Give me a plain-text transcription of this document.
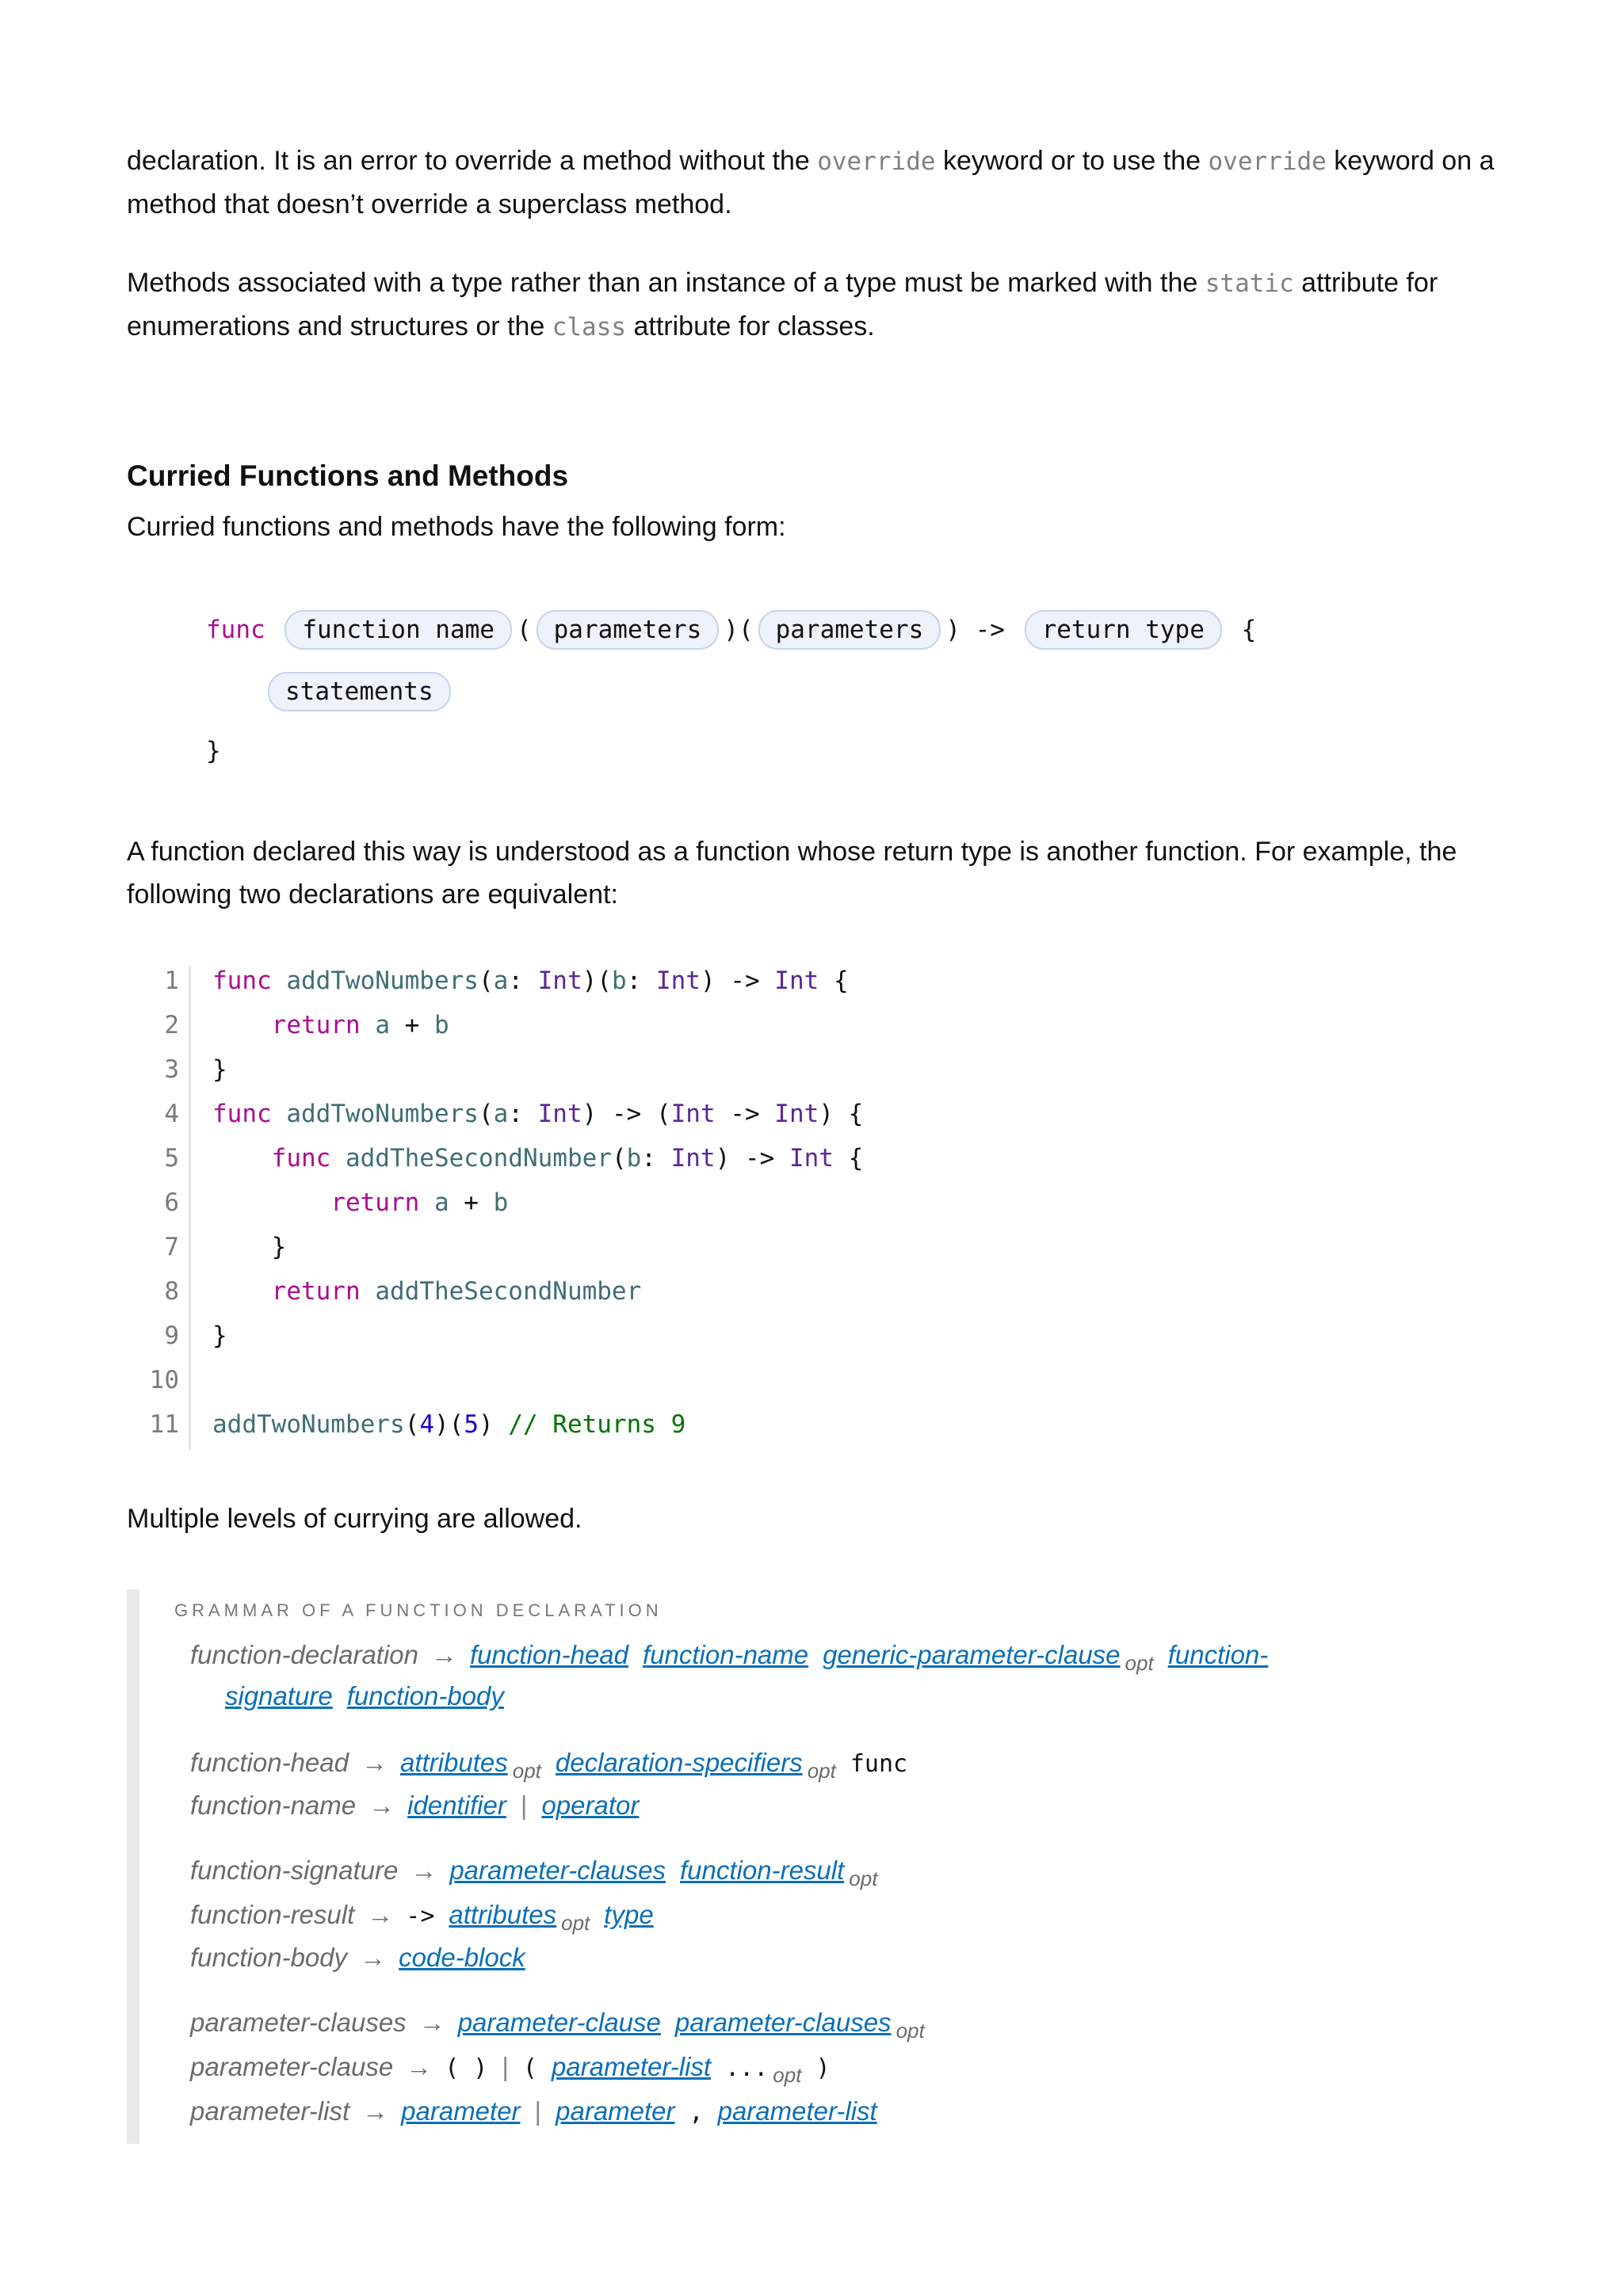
declaration. It is an error to override a method without the override keyword or to use the override keyword on a method that doesn’t override a superclass method.

Methods associated with a type rather than an instance of a type must be marked with the static attribute for enumerations and structures or the class attribute for classes.

Curried Functions and Methods

Curried functions and methods have the following form:

func function name ( parameters )( parameters ) -> return type {
statements
}

A function declared this way is understood as a function whose return type is another function. For example, the following two declarations are equivalent:

1
2
3
4
5
6
7
8
9
10
11
func addTwoNumbers(a: Int)(b: Int) -> Int {
return a + b
}
func addTwoNumbers(a: Int) -> (Int -> Int) {
func addTheSecondNumber(b: Int) -> Int {
return a + b
}
return addTheSecondNumber
}
addTwoNumbers(4)(5) // Returns 9

Multiple levels of currying are allowed.

GRAMMAR OF A FUNCTION DECLARATION
function-declaration → function-head function-name generic-parameter-clause $_{opt}$ function-
signature function-body
function-head → attributes $_{opt}$ declaration-specifiers $_{opt}$ func
function-name → identifier | operator
function-signature → parameter-clauses function-result $_{opt}$
function-result → -> attributes $_{opt}$ type
function-body → code-block
parameter-clauses → parameter-clause parameter-clauses $_{opt}$
parameter-clause → ( ) | ( parameter-list ... $_{opt}$ )
parameter-list → parameter | parameter , parameter-list
